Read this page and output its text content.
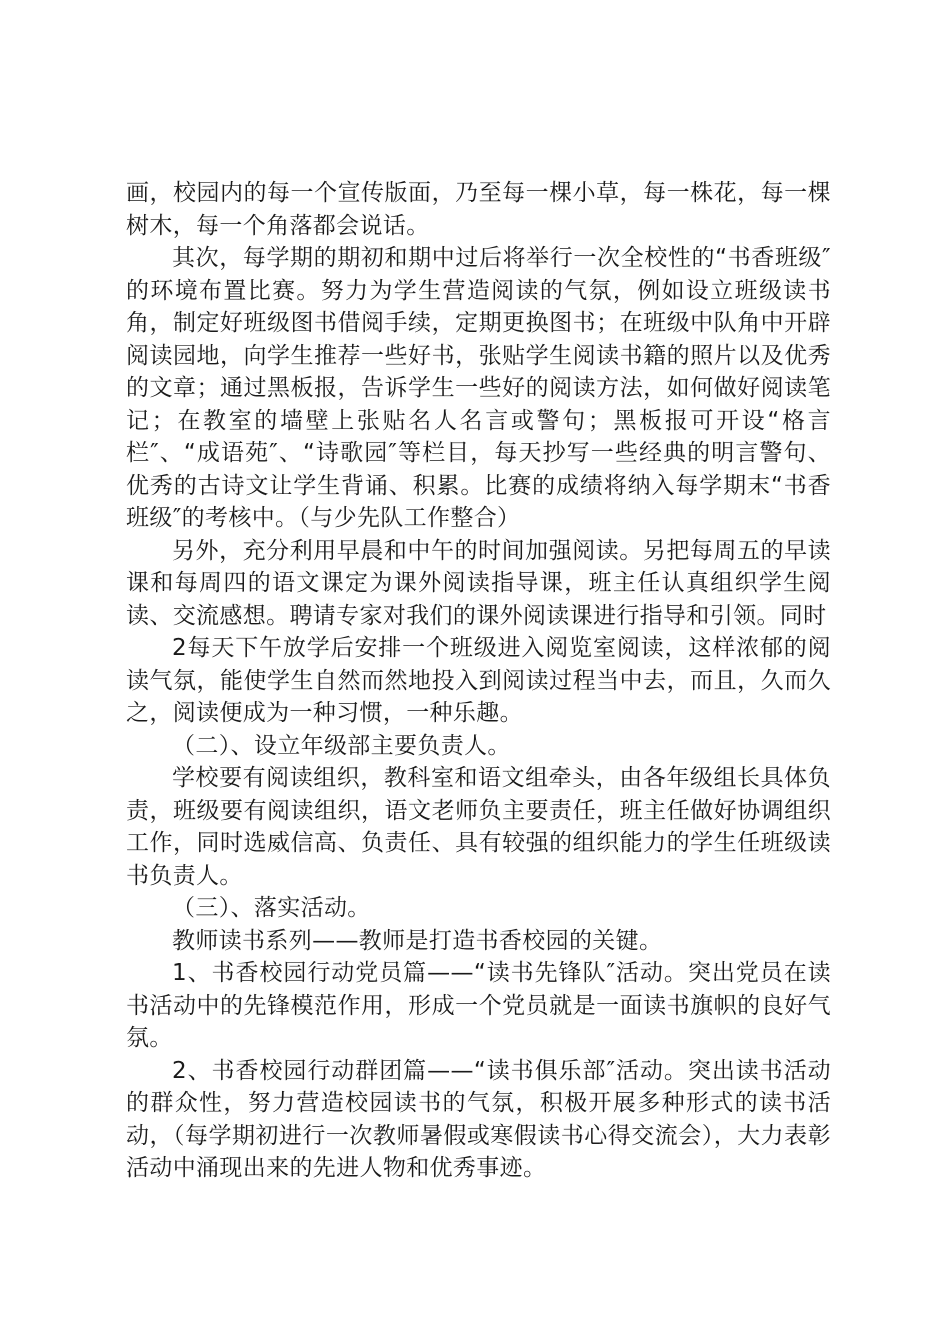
画，校园内的每一个宣传版面，乃至每一棵小草，每一株花，每一棵树木，每一个角落都会说话。

其次，每学期的期初和期中过后将举行一次全校性的“书香班级″的环境布置比赛。努力为学生营造阅读的气氛，例如设立班级读书角，制定好班级图书借阅手续，定期更换图书；在班级中队角中开辟阅读园地，向学生推荐一些好书，张贴学生阅读书籍的照片以及优秀的文章；通过黑板报，告诉学生一些好的阅读方法，如何做好阅读笔记；在教室的墙壁上张贴名人名言或警句；黑板报可开设“格言栏″、“成语苑″、“诗歌园″等栏目，每天抄写一些经典的明言警句、优秀的古诗文让学生背诵、积累。比赛的成绩将纳入每学期末“书香班级″的考核中。（与少先队工作整合）

另外，充分利用早晨和中午的时间加强阅读。另把每周五的早读课和每周四的语文课定为课外阅读指导课，班主任认真组织学生阅读、交流感想。聘请专家对我们的课外阅读课进行指导和引领。同时

2每天下午放学后安排一个班级进入阅览室阅读，这样浓郁的阅读气氛，能使学生自然而然地投入到阅读过程当中去，而且，久而久之，阅读便成为一种习惯，一种乐趣。

（二）、设立年级部主要负责人。

学校要有阅读组织，教科室和语文组牵头，由各年级组长具体负责，班级要有阅读组织，语文老师负主要责任，班主任做好协调组织工作，同时选威信高、负责任、具有较强的组织能力的学生任班级读书负责人。

（三）、落实活动。

教师读书系列——教师是打造书香校园的关键。

1、书香校园行动党员篇——“读书先锋队″活动。突出党员在读书活动中的先锋模范作用，形成一个党员就是一面读书旗帜的良好气氛。

2、书香校园行动群团篇——“读书俱乐部″活动。突出读书活动的群众性，努力营造校园读书的气氛，积极开展多种形式的读书活动，（每学期初进行一次教师暑假或寒假读书心得交流会），大力表彰活动中涌现出来的先进人物和优秀事迹。
